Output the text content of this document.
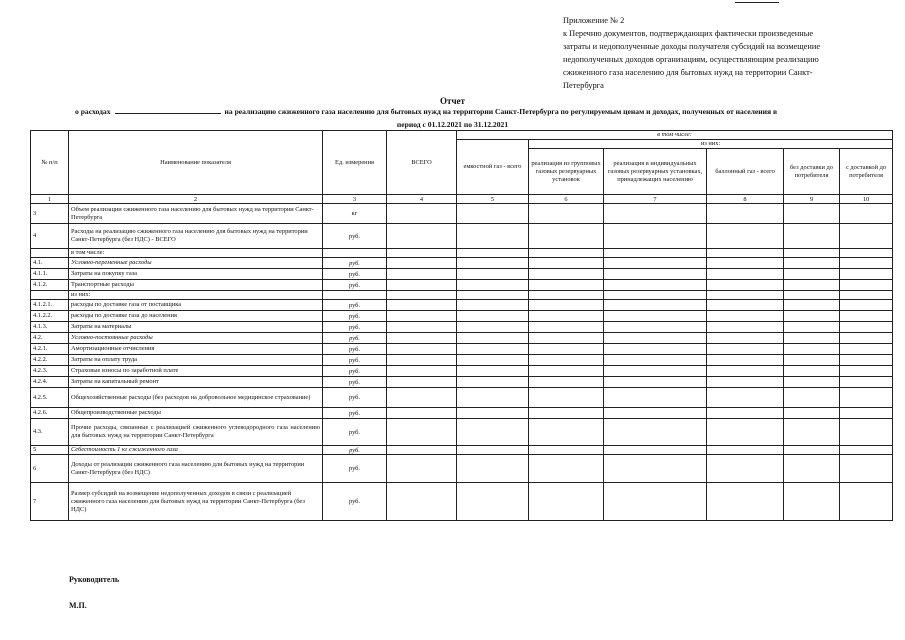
Приложение № 2
к Перечню документов, подтверждающих фактически произведенные
затраты и недополученные доходы получателя субсидий на возмещение
недополученных доходов организациям, осуществляющим реализацию
сжиженного газа населению для бытовых нужд на территории Санкт-
Петербурга
Отчет
о расходах	на реализацию сжиженного газа населению для бытовых нужд на территории Санкт-Петербурга по регулируемым ценам и доходах, полученных от населения в
период с 01.12.2021 по 31.12.2021
№ п/п	Наименование показателя	Ед. измерения	ВСЕГО	в том числе:					
				емкостной газ - всего	из них:				
					реализация из групповых газовых резервуарных установок	реализация в индивидуальных газовых резервуарных установках, принадлежащих населению	баллонный газ - всего	без доставки до потребителя	с доставкой до потребителя
1	2	3	4	5	6	7	8	9	10
3	Объем реализации сжиженного газа населению для бытовых нужд на территории Санкт-Петербурга	кг							
4	Расходы на реализацию сжиженного газа населению для бытовых нужд на территории Санкт-Петербурга (без НДС) - ВСЕГО	руб.							
	в том числе:								
4.1.	Условно-переменные расходы	руб.							
4.1.1.	Затраты на покупку газа	руб.							
4.1.2.	Транспортные расходы	руб.							
	из них:								
4.1.2.1.	расходы по доставке газа от поставщика	руб.							
4.1.2.2.	расходы по доставке газа до населения	руб.							
4.1.3.	Затраты на материалы	руб.							
4.2.	Условно-постоянные расходы	руб.							
4.2.1.	Амортизационные отчисления	руб.							
4.2.2.	Затраты на оплату труда	руб.							
4.2.3.	Страховые взносы по заработной плате	руб.							
4.2.4.	Затраты на капитальный ремонт	руб.							
4.2.5.	Общехозяйственные расходы (без расходов на добровольное медицинское страхование)	руб.							
4.2.6.	Общепроизводственные расходы	руб.							
4.3.	Прочие расходы, связанные с реализацией сжиженного углеводородного газа населению для бытовых нужд на территории Санкт-Петербурга	руб.							
5	Себестоимость 1 кг сжиженного газа	руб.							
6	Доходы от реализации сжиженного газа населению для бытовых нужд на территории Санкт-Петербурга (без НДС)	руб.							
7	Размер субсидий на возмещение недополученных доходов в связи с реализацией сжиженного газа населению для бытовых нужд на территории Санкт-Петербурга (без НДС)	руб.							
Руководитель
М.П.
